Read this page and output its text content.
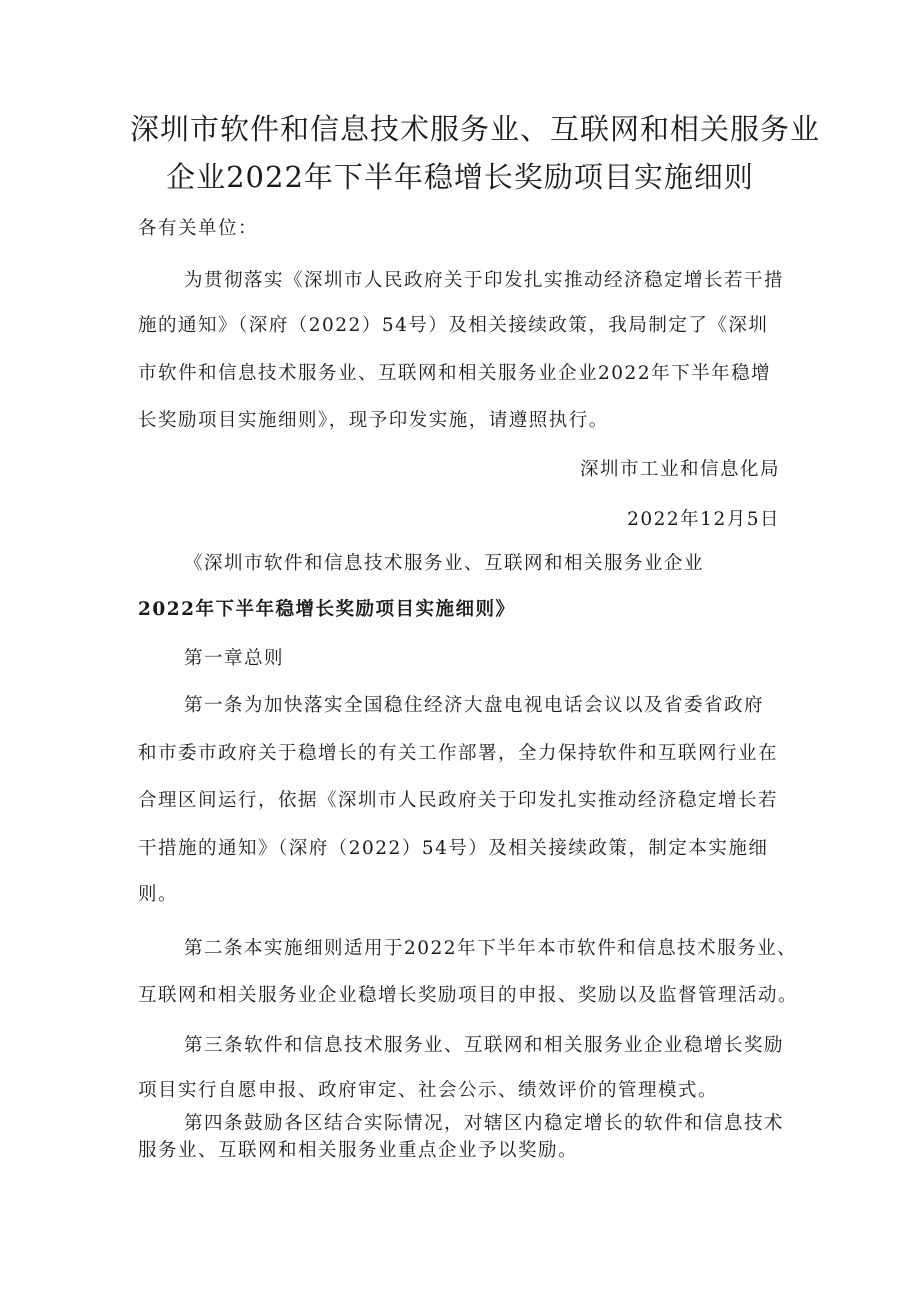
深圳市软件和信息技术服务业、互联网和相关服务业
企业2022年下半年稳增长奖励项目实施细则
各有关单位：
为贯彻落实《深圳市人民政府关于印发扎实推动经济稳定增长若干措
施的通知》（深府（2022）54号）及相关接续政策，我局制定了《深圳
市软件和信息技术服务业、互联网和相关服务业企业2022年下半年稳增
长奖励项目实施细则》，现予印发实施，请遵照执行。
深圳市工业和信息化局
2022年12月5日
《深圳市软件和信息技术服务业、互联网和相关服务业企业
2022年下半年稳增长奖励项目实施细则》
第一章总则
第一条为加快落实全国稳住经济大盘电视电话会议以及省委省政府
和市委市政府关于稳增长的有关工作部署，全力保持软件和互联网行业在
合理区间运行，依据《深圳市人民政府关于印发扎实推动经济稳定增长若
干措施的通知》（深府（2022）54号）及相关接续政策，制定本实施细
则。
第二条本实施细则适用于2022年下半年本市软件和信息技术服务业、
互联网和相关服务业企业稳增长奖励项目的申报、奖励以及监督管理活动。
第三条软件和信息技术服务业、互联网和相关服务业企业稳增长奖励
项目实行自愿申报、政府审定、社会公示、绩效评价的管理模式。
第四条鼓励各区结合实际情况，对辖区内稳定增长的软件和信息技术
服务业、互联网和相关服务业重点企业予以奖励。
